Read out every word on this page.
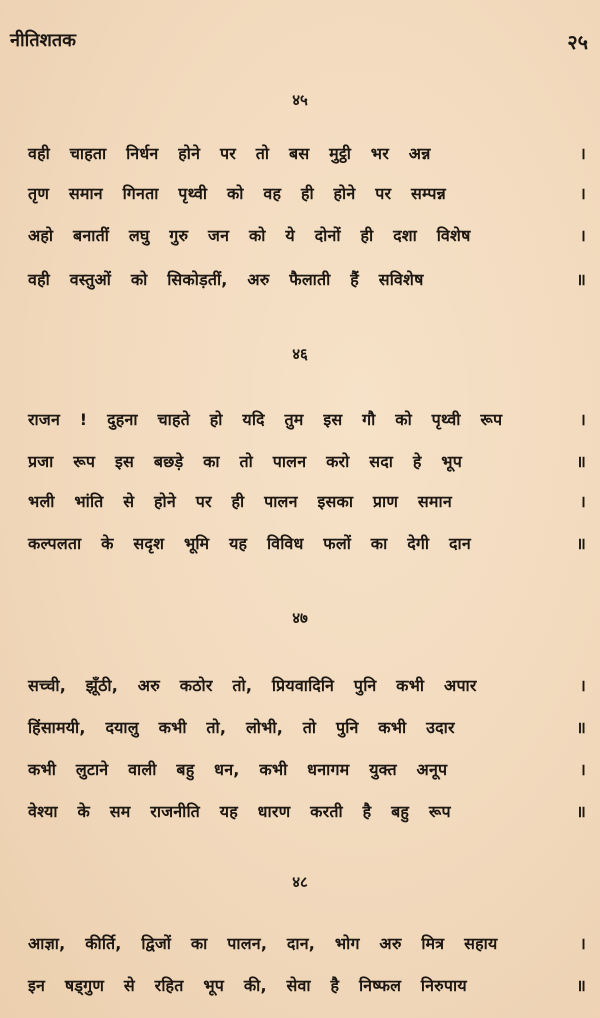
नीतिशतक	२५
४५
वही चाहता निर्धन होने पर तो बस मुट्ठी भर अन्न	।
तृण समान गिनता पृथ्वी को वह ही होने पर सम्पन्न	।
अहो बनातीं लघु गुरु जन को ये दोनों ही दशा विशेष	।
वही वस्तुओं को सिकोड़तीं, अरु फैलाती हैं सविशेष	॥
४६
राजन ! दुहना चाहते हो यदि तुम इस गौ को पृथ्वी रूप	।
प्रजा रूप इस बछड़े का तो पालन करो सदा हे भूप	॥
भली भांति से होने पर ही पालन इसका प्राण समान	।
कल्पलता के सदृश भूमि यह विविध फलों का देगी दान	॥
४७
सच्ची, झूँठी, अरु कठोर तो, प्रियवादिनि पुनि कभी अपार	।
हिंसामयी, दयालु कभी तो, लोभी, तो पुनि कभी उदार	॥
कभी लुटाने वाली बहु धन, कभी धनागम युक्त अनूप	।
वेश्या के सम राजनीति यह धारण करती है बहु रूप	॥
४८
आज्ञा, कीर्ति, द्विजों का पालन, दान, भोग अरु मित्र सहाय	।
इन षड्गुण से रहित भूप की, सेवा है निष्फल निरुपाय	॥
